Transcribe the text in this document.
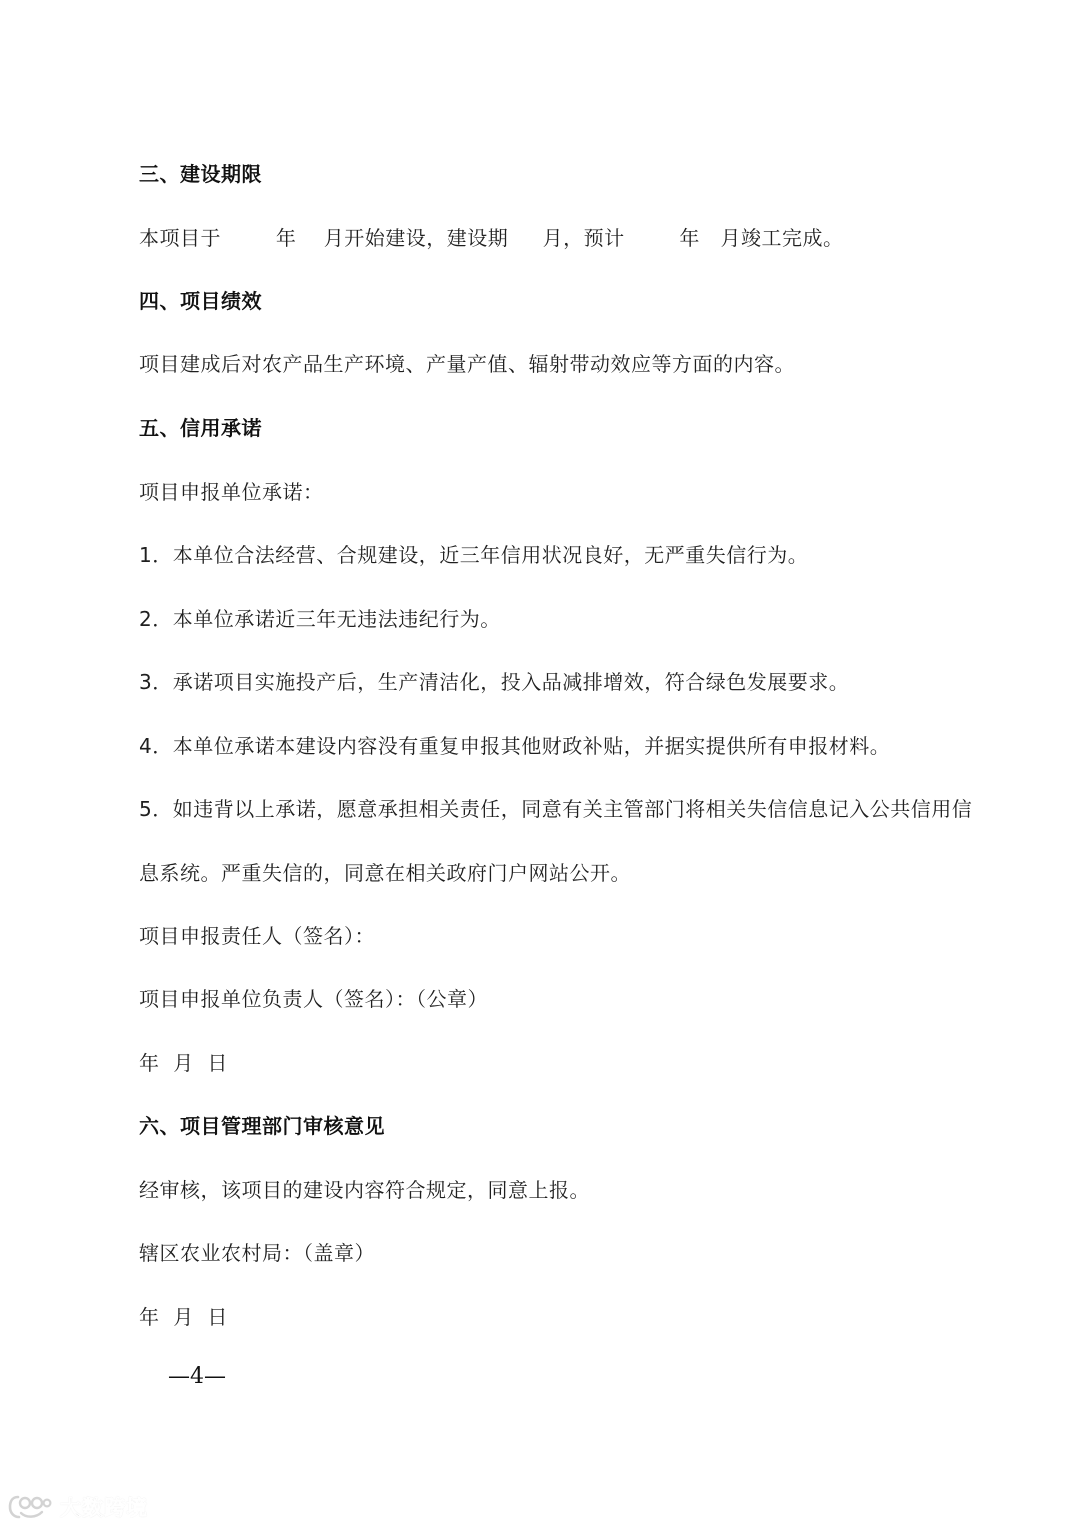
三、建设期限
本项目于        年    月开始建设，建设期     月，预计        年   月竣工完成。
四、项目绩效
项目建成后对农产品生产环境、产量产值、辐射带动效应等方面的内容。
五、信用承诺
项目申报单位承诺：
1．本单位合法经营、合规建设，近三年信用状况良好，无严重失信行为。
2．本单位承诺近三年无违法违纪行为。
3．承诺项目实施投产后，生产清洁化，投入品减排增效，符合绿色发展要求。
4．本单位承诺本建设内容没有重复申报其他财政补贴，并据实提供所有申报材料。
5．如违背以上承诺，愿意承担相关责任，同意有关主管部门将相关失信信息记入公共信用信
息系统。严重失信的，同意在相关政府门户网站公开。
项目申报责任人（签名）：
项目申报单位负责人（签名）：（公章）
年  月  日
六、项目管理部门审核意见
经审核，该项目的建设内容符合规定，同意上报。
辖区农业农村局：（盖章）
年  月  日
—4—
大数跨境
